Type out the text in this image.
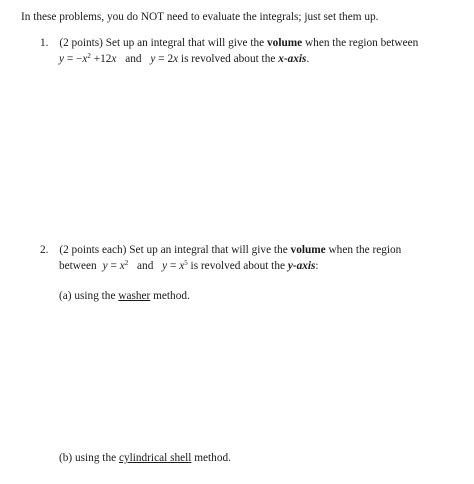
In these problems, you do NOT need to evaluate the integrals; just set them up.
1. (2 points) Set up an integral that will give the volume when the region between
$y = -x^2 +12x$ and y = 2x is revolved about the x-axis.
2. (2 points each) Set up an integral that will give the volume when the region
between $y = x^2$ and $y = x^5$ is revolved about the y-axis:
(a) using the washer method.
(b) using the cylindrical shell method.
